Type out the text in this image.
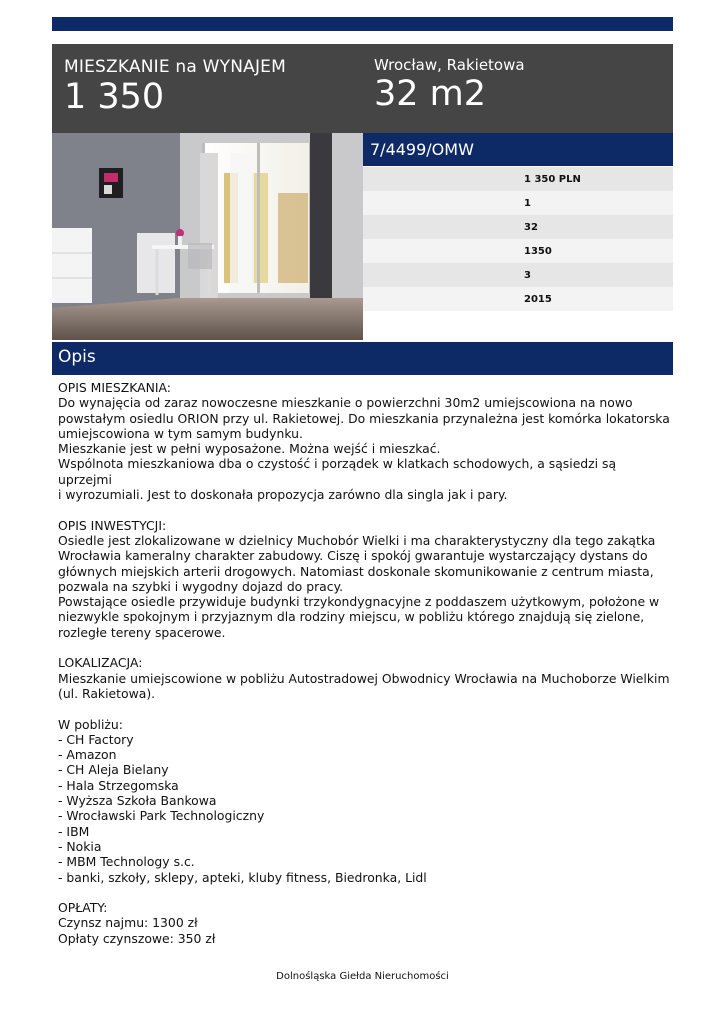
MIESZKANIE na WYNAJEM
1 350
Wrocław, Rakietowa
32 m2
7/4499/OMW
1 350 PLN
1
32
1350
3
2015
Opis

OPIS MIESZKANIA:

Do wynajęcia od zaraz nowoczesne mieszkanie o powierzchni 30m2 umiejscowiona na nowo

powstałym osiedlu ORION przy ul. Rakietowej. Do mieszkania przynależna jest komórka lokatorska

umiejscowiona w tym samym budynku.

Mieszkanie jest w pełni wyposażone. Można wejść i mieszkać.

Wspólnota mieszkaniowa dba o czystość i porządek w klatkach schodowych, a sąsiedzi są uprzejmi

i wyrozumiali. Jest to doskonała propozycja zarówno dla singla jak i pary.

OPIS INWESTYCJI:

Osiedle jest zlokalizowane w dzielnicy Muchobór Wielki i ma charakterystyczny dla tego zakątka

Wrocławia kameralny charakter zabudowy. Ciszę i spokój gwarantuje wystarczający dystans do

głównych miejskich arterii drogowych. Natomiast doskonale skomunikowanie z centrum miasta,

pozwala na szybki i wygodny dojazd do pracy.

Powstające osiedle przywiduje budynki trzykondygnacyjne z poddaszem użytkowym, położone w

niezwykle spokojnym i przyjaznym dla rodziny miejscu, w pobliżu którego znajdują się zielone,

rozległe tereny spacerowe.

LOKALIZACJA:

Mieszkanie umiejscowione w pobliżu Autostradowej Obwodnicy Wrocławia na Muchoborze Wielkim

(ul. Rakietowa).

W pobliżu:

- CH Factory

- Amazon

- CH Aleja Bielany

- Hala Strzegomska

- Wyższa Szkoła Bankowa

- Wrocławski Park Technologiczny

- IBM

- Nokia

- MBM Technology s.c.

- banki, szkoły, sklepy, apteki, kluby fitness, Biedronka, Lidl

OPŁATY:

Czynsz najmu: 1300 zł

Opłaty czynszowe: 350 zł

Dolnośląska Giełda Nieruchomości
